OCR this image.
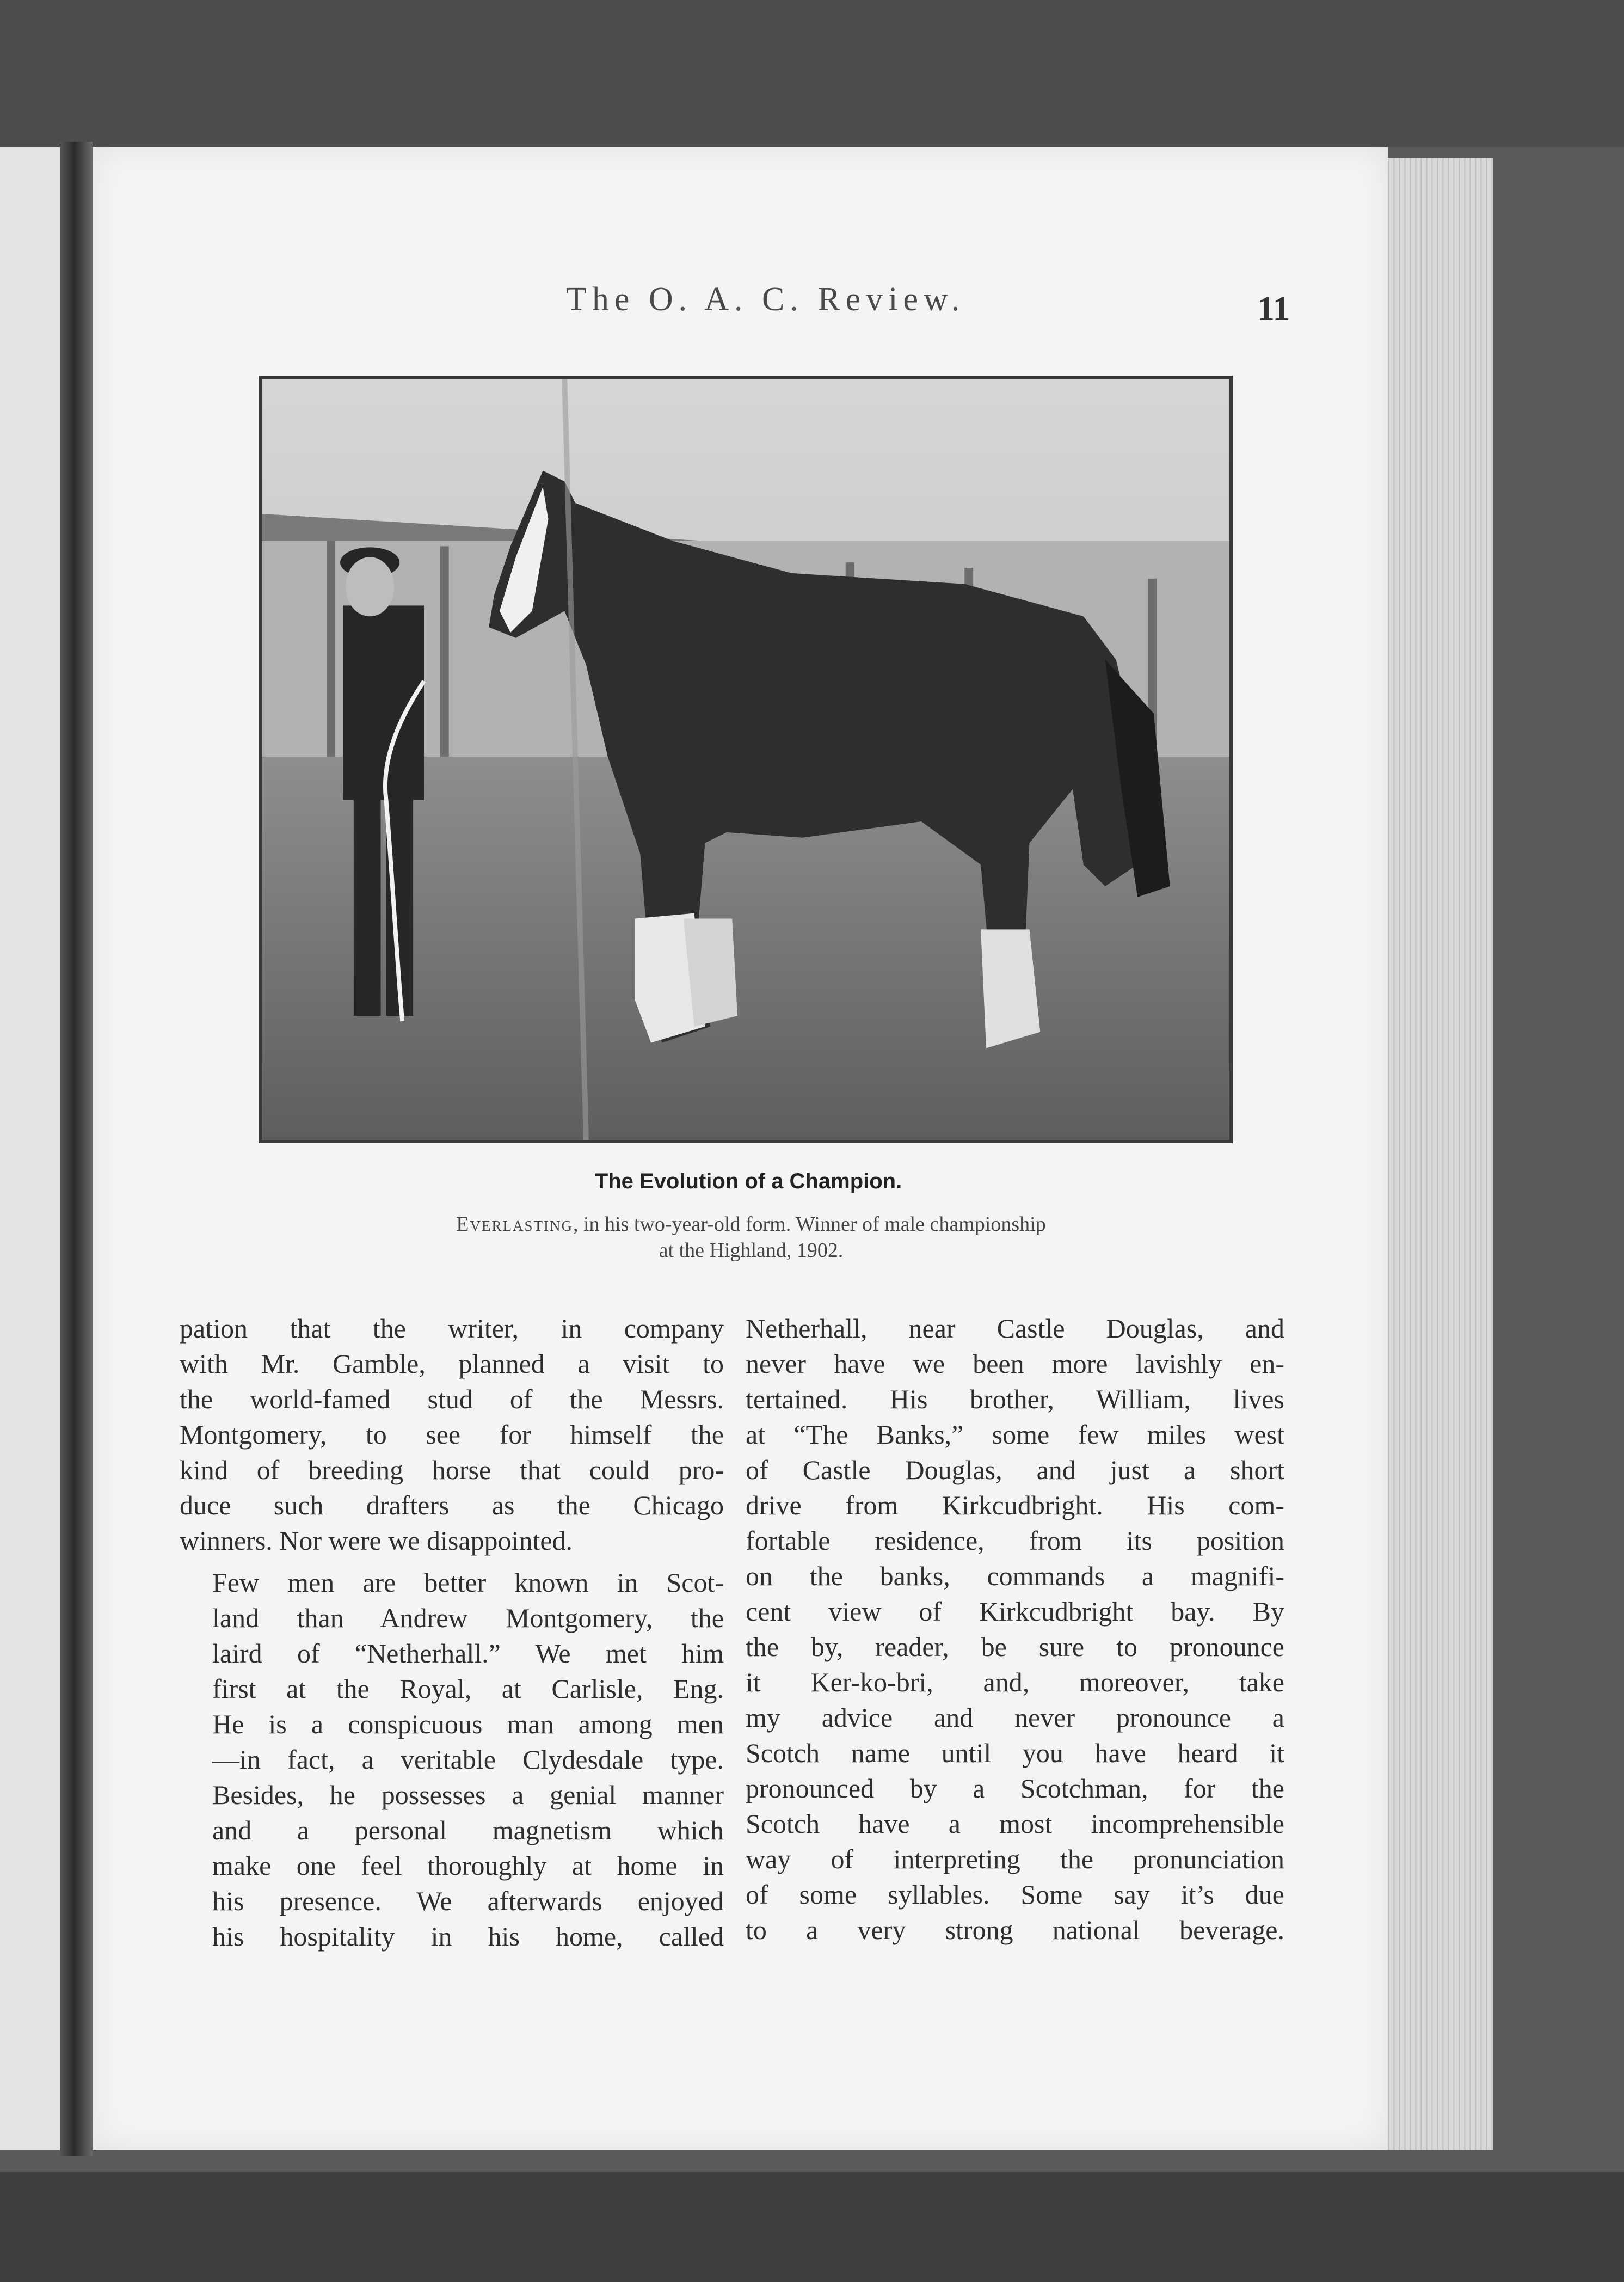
The O. A. C. Review.	11
The Evolution of a Champion.
Everlasting, in his two-year-old form. Winner of male championship
at the Highland, 1902.

pation that the writer, in company
with Mr. Gamble, planned a visit to
the world-famed stud of the Messrs.
Montgomery, to see for himself the
kind of breeding horse that could pro-
duce such drafters as the Chicago
winners. Nor were we disappointed.

Few men are better known in Scot-
land than Andrew Montgomery, the
laird of “Netherhall.” We met him
first at the Royal, at Carlisle, Eng.
He is a conspicuous man among men
—in fact, a veritable Clydesdale type.
Besides, he possesses a genial manner
and a personal magnetism which
make one feel thoroughly at home in
his presence. We afterwards enjoyed
his hospitality in his home, called

Netherhall, near Castle Douglas, and
never have we been more lavishly en-
tertained. His brother, William, lives
at “The Banks,” some few miles west
of Castle Douglas, and just a short
drive from Kirkcudbright. His com-
fortable residence, from its position
on the banks, commands a magnifi-
cent view of Kirkcudbright bay. By
the by, reader, be sure to pronounce
it Ker-ko-bri, and, moreover, take
my advice and never pronounce a
Scotch name until you have heard it
pronounced by a Scotchman, for the
Scotch have a most incomprehensible
way of interpreting the pronunciation
of some syllables. Some say it’s due
to a very strong national beverage.
